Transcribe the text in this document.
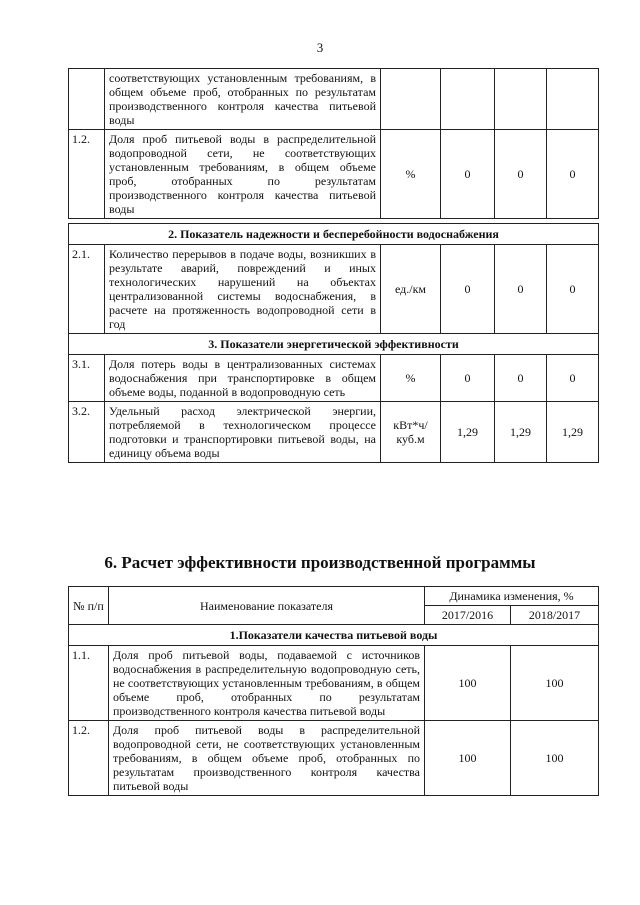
3
	соответствующих установленным требованиям, в общем объеме проб, отобранных по результатам производственного контроля качества питьевой воды				
1.2.	Доля проб питьевой воды в распределительной водопроводной сети, не соответствующих установленным требованиям, в общем объеме проб, отобранных по результатам производственного контроля качества питьевой воды	%	0	0	0

2. Показатель надежности и бесперебойности водоснабжения					
2.1.	Количество перерывов в подаче воды, возникших в результате аварий, повреждений и иных технологических нарушений на объектах централизованной системы водоснабжения, в расчете на протяженность водопроводной сети в год	ед./км	0	0	0
3. Показатели энергетической эффективности					
3.1.	Доля потерь воды в централизованных системах водоснабжения при транспортировке в общем объеме воды, поданной в водопроводную сеть	%	0	0	0
3.2.	Удельный расход электрической энергии, потребляемой в технологическом процессе подготовки и транспортировки питьевой воды, на единицу объема воды	кВт*ч/ куб.м	1,29	1,29	1,29
6. Расчет эффективности производственной программы
№ п/п	Наименование показателя	Динамика изменения, %	
		2017/2016	2018/2017
1.Показатели качества питьевой воды			
1.1.	Доля проб питьевой воды, подаваемой с источников водоснабжения в распределительную водопроводную сеть, не соответствующих установленным требованиям, в общем объеме проб, отобранных по результатам производственного контроля качества питьевой воды	100	100
1.2.	Доля проб питьевой воды в распределительной водопроводной сети, не соответствующих установленным требованиям, в общем объеме проб, отобранных по результатам производственного контроля качества питьевой воды	100	100
